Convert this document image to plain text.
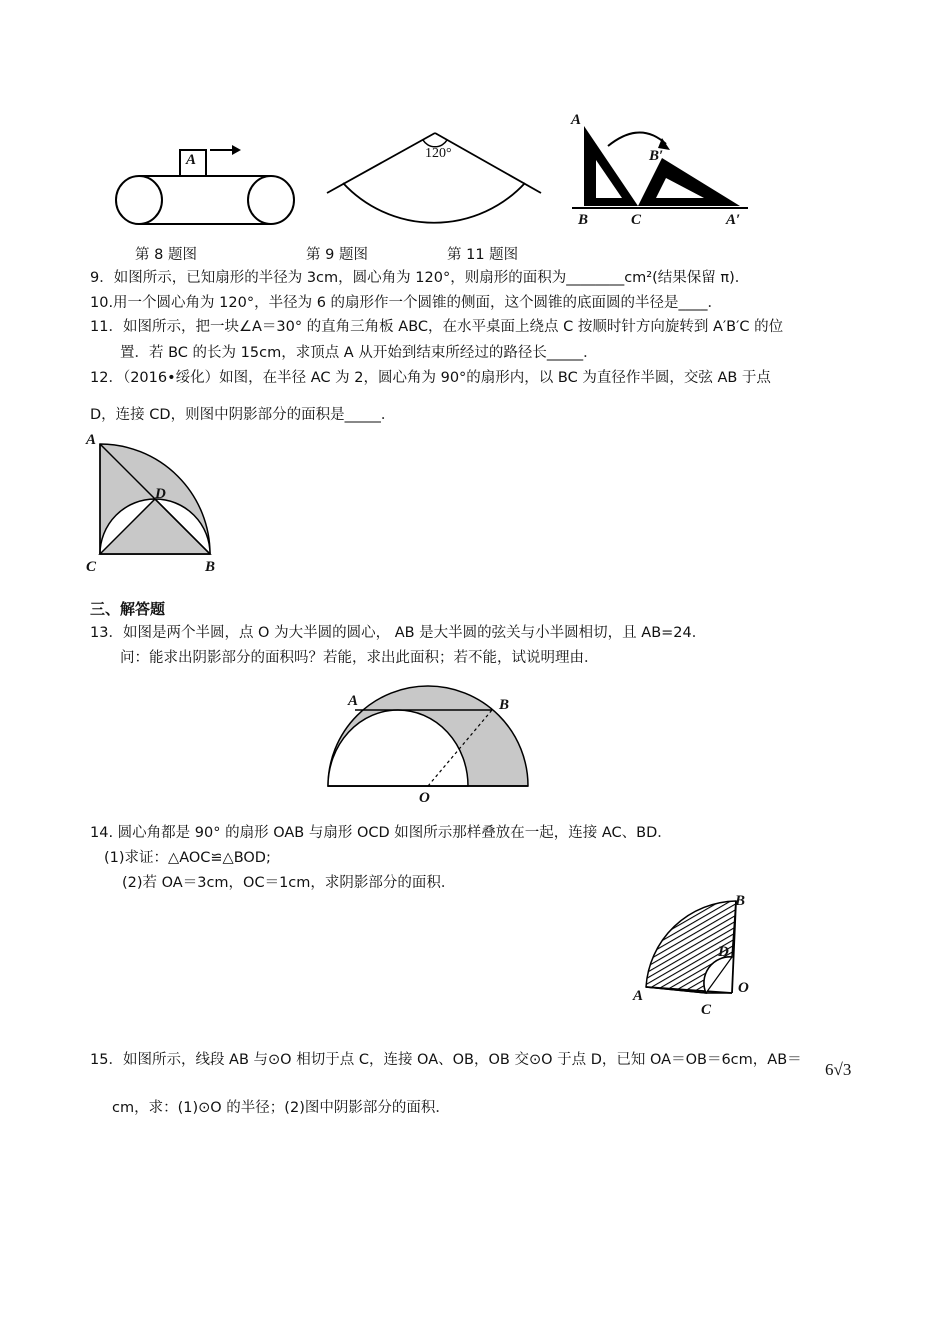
A	120°
A
B′
B	C	A′
第 8 题图	第 9 题图	第 11 题图
9．如图所示，已知扇形的半径为 3cm，圆心角为 120°，则扇形的面积为________cm²(结果保留 π)．
10.用一个圆心角为 120°，半径为 6 的扇形作一个圆锥的侧面，这个圆锥的底面圆的半径是____．
11．如图所示，把一块∠A＝30° 的直角三角板 ABC，在水平桌面上绕点 C 按顺时针方向旋转到 A′B′C 的位
置．若 BC 的长为 15cm，求顶点 A 从开始到结束所经过的路径长_____．
12．（2016•绥化）如图，在半径 AC 为 2，圆心角为 90°的扇形内，以 BC 为直径作半圆，交弦 AB 于点
D，连接 CD，则图中阴影部分的面积是_____．
A
D
C	B
三、解答题
13．如图是两个半圆，点 O 为大半圆的圆心， AB 是大半圆的弦关与小半圆相切，且 AB=24．
问：能求出阴影部分的面积吗？若能，求出此面积；若不能，试说明理由．
A	B
O
14. 圆心角都是 90° 的扇形 OAB 与扇形 OCD 如图所示那样叠放在一起，连接 AC、BD．
(1)求证：△AOC≌△BOD;
(2)若 OA＝3cm，OC＝1cm，求阴影部分的面积．
B
D
O
A
C
15．如图所示，线段 AB 与⊙O 相切于点 C，连接 OA、OB，OB 交⊙O 于点 D，已知 OA＝OB＝6cm，AB＝ 6√3
cm，求：(1)⊙O 的半径；(2)图中阴影部分的面积．
